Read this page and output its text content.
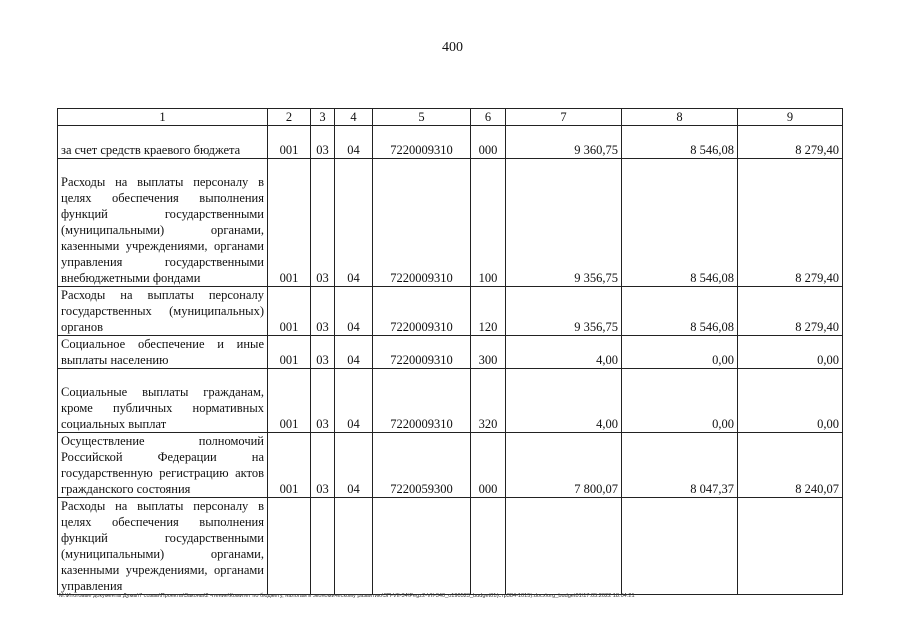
400
1	2	3	4	5	6	7	8	9
за счет средств краевого бюджета	001	03	04	7220009310	000	9 360,75	8 546,08	8 279,40
Расходы на выплаты персоналу в целях обеспечения выполнения функций государственными (муниципальными) органами, казенными учреждениями, органами управления государственными внебюджетными фондами	001	03	04	7220009310	100	9 356,75	8 546,08	8 279,40
Расходы на выплаты персоналу государственных (муниципальных) органов	001	03	04	7220009310	120	9 356,75	8 546,08	8 279,40
Социальное обеспечение и иные выплаты населению	001	03	04	7220009310	300	4,00	0,00	0,00
Социальные выплаты гражданам, кроме публичных нормативных социальных выплат	001	03	04	7220009310	320	4,00	0,00	0,00
Осуществление полномочий Российской Федерации на государственную регистрацию актов гражданского состояния	001	03	04	7220059300	000	7 800,07	8 047,37	8 240,07
Расходы на выплаты персоналу в целях обеспечения выполнения функций государственными (муниципальными) органами, казенными учреждениями, органами управления								
M:\Итоговые документы Думы\7 созыв\Проекты\Законы\2 чтение\Комитет по бюджету, налогам и экономическому развитию\ЗП-VII-34\Pegz2-VII-340_o190523_budget01(стр384-1015).docx\org_budget01\17.05.2022 18:04:21
